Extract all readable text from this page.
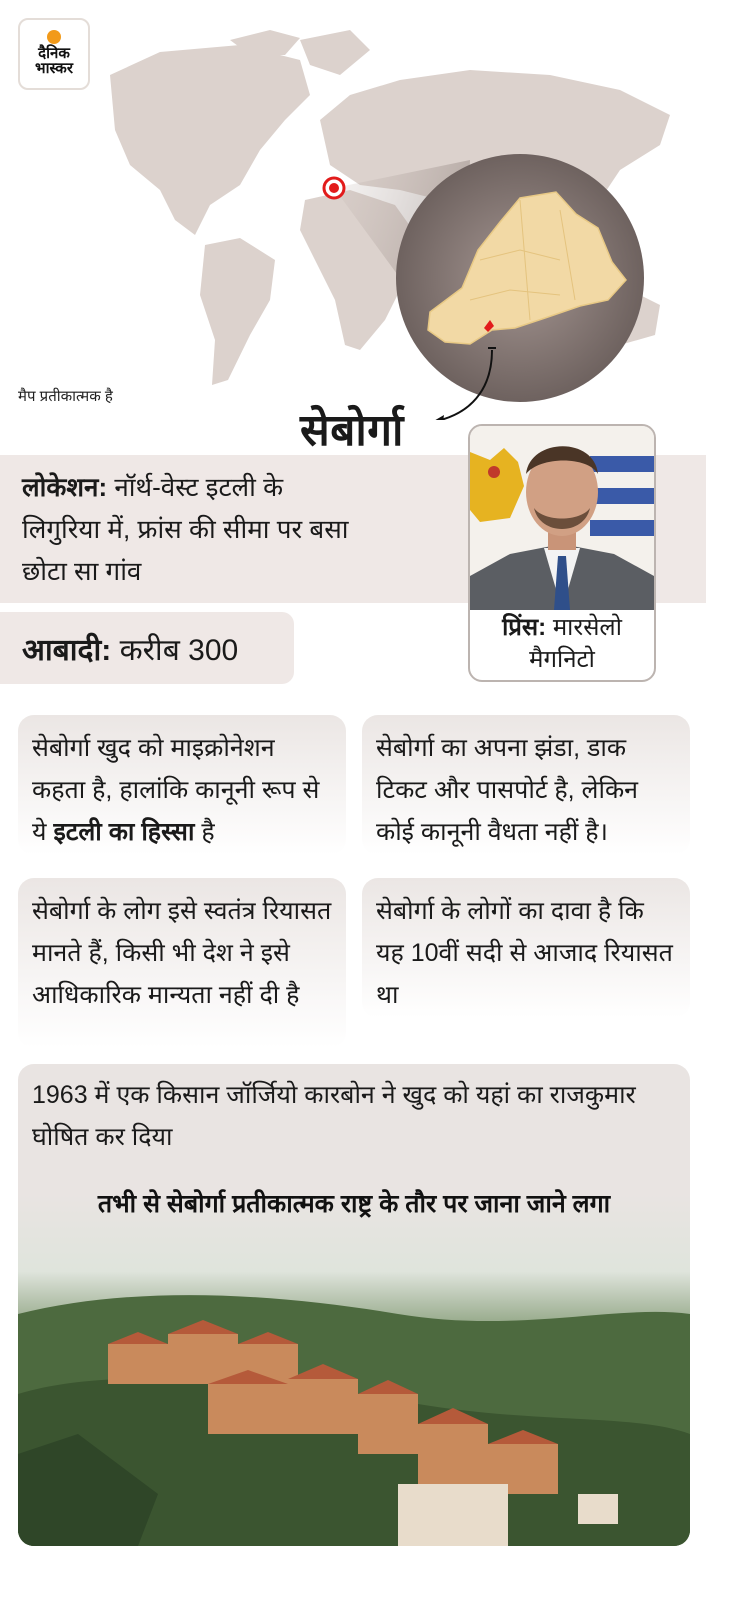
दैनिक
भास्कर
मैप प्रतीकात्मक है
सेबोर्गा
लोकेशन: नॉर्थ-वेस्ट इटली के लिगुरिया में, फ्रांस की सीमा पर बसा छोटा सा गांव
आबादी: करीब 300
प्रिंस: मारसेलो मैगनिटो
सेबोर्गा खुद को माइक्रोनेशन कहता है, हालांकि कानूनी रूप से ये इटली का हिस्सा है
सेबोर्गा का अपना झंडा, डाक टिकट और पासपोर्ट है, लेकिन कोई कानूनी वैधता नहीं है।
सेबोर्गा के लोग इसे स्वतंत्र रियासत मानते हैं, किसी भी देश ने इसे आधिकारिक मान्यता नहीं दी है
सेबोर्गा के लोगों का दावा है कि यह 10वीं सदी से आजाद रियासत था
1963 में एक किसान जॉर्जियो कारबोन ने खुद को यहां का राजकुमार घोषित कर दिया
तभी से सेबोर्गा प्रतीकात्मक राष्ट्र के तौर पर जाना जाने लगा
